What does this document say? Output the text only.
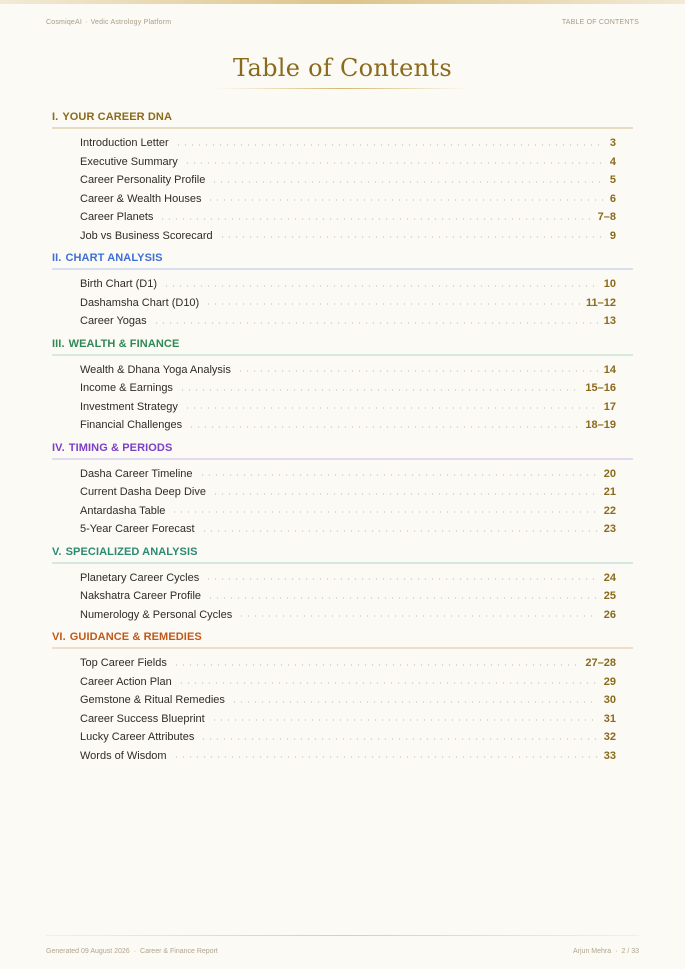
CosmiqeAI · Vedic Astrology Platform	TABLE OF CONTENTS
Table of Contents
I. YOUR CAREER DNA
Introduction Letter	3
Executive Summary	4
Career Personality Profile	5
Career & Wealth Houses	6
Career Planets	7–8
Job vs Business Scorecard	9
II. CHART ANALYSIS
Birth Chart (D1)	10
Dashamsha Chart (D10)	11–12
Career Yogas	13
III. WEALTH & FINANCE
Wealth & Dhana Yoga Analysis	14
Income & Earnings	15–16
Investment Strategy	17
Financial Challenges	18–19
IV. TIMING & PERIODS
Dasha Career Timeline	20
Current Dasha Deep Dive	21
Antardasha Table	22
5-Year Career Forecast	23
V. SPECIALIZED ANALYSIS
Planetary Career Cycles	24
Nakshatra Career Profile	25
Numerology & Personal Cycles	26
VI. GUIDANCE & REMEDIES
Top Career Fields	27–28
Career Action Plan	29
Gemstone & Ritual Remedies	30
Career Success Blueprint	31
Lucky Career Attributes	32
Words of Wisdom	33
Generated 09 August 2026 · Career & Finance Report	Arjun Mehra · 2 / 33
